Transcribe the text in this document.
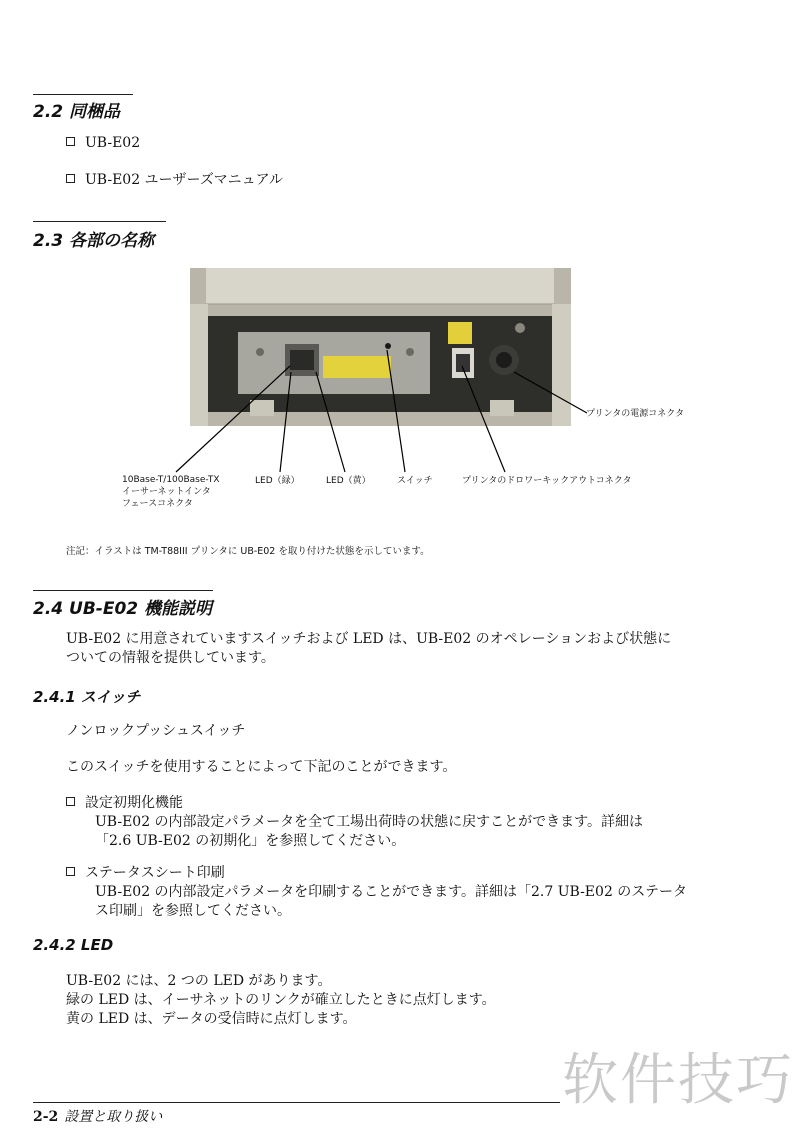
2.2 同梱品
UB-E02
UB-E02 ユーザーズマニュアル
2.3 各部の名称
プリンタの電源コネクタ
10Base-T/100Base-TX
イーサーネットインタ
フェースコネクタ
LED（緑）	LED（黄）	スイッチ	プリンタのドロワーキックアウトコネクタ
注記：イラストは TM-T88III プリンタに UB-E02 を取り付けた状態を示しています。
2.4 UB-E02 機能説明
UB-E02 に用意されていますスイッチおよび LED は、UB-E02 のオペレーションおよび状態に
ついての情報を提供しています。
2.4.1 スイッチ
ノンロックプッシュスイッチ
このスイッチを使用することによって下記のことができます。
設定初期化機能
UB-E02 の内部設定パラメータを全て工場出荷時の状態に戻すことができます。詳細は
「2.6 UB-E02 の初期化」を参照してください。
ステータスシート印刷
UB-E02 の内部設定パラメータを印刷することができます。詳細は「2.7 UB-E02 のステータ
ス印刷」を参照してください。
2.4.2 LED
UB-E02 には、2 つの LED があります。
緑の LED は、イーサネットのリンクが確立したときに点灯します。
黄の LED は、データの受信時に点灯します。
软件技巧
2-2 設置と取り扱い
